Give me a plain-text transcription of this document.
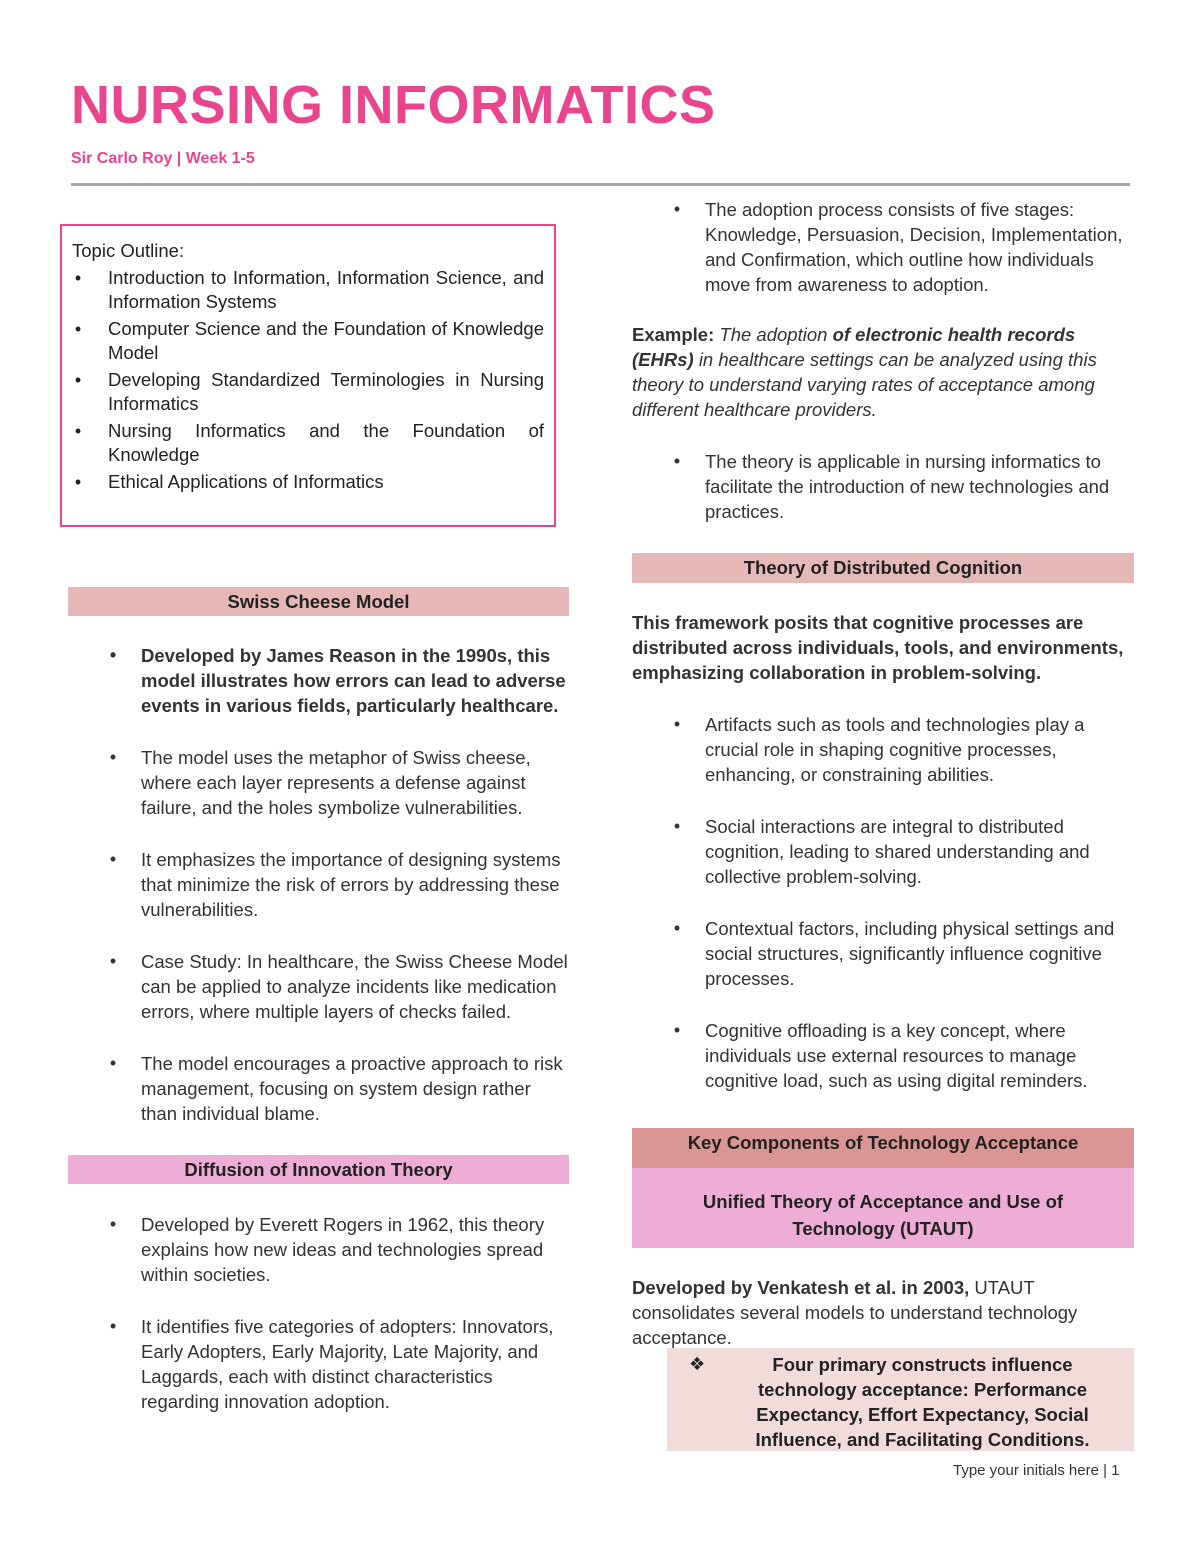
NURSING INFORMATICS
Sir Carlo Roy | Week 1-5
Topic Outline:
• Introduction to Information, Information Science, and Information Systems
• Computer Science and the Foundation of Knowledge Model
• Developing Standardized Terminologies in Nursing Informatics
• Nursing Informatics and the Foundation of Knowledge
• Ethical Applications of Informatics
Swiss Cheese Model
• Developed by James Reason in the 1990s, this model illustrates how errors can lead to adverse events in various fields, particularly healthcare.
• The model uses the metaphor of Swiss cheese, where each layer represents a defense against failure, and the holes symbolize vulnerabilities.
• It emphasizes the importance of designing systems that minimize the risk of errors by addressing these vulnerabilities.
• Case Study: In healthcare, the Swiss Cheese Model can be applied to analyze incidents like medication errors, where multiple layers of checks failed.
• The model encourages a proactive approach to risk management, focusing on system design rather than individual blame.
Diffusion of Innovation Theory
• Developed by Everett Rogers in 1962, this theory explains how new ideas and technologies spread within societies.
• It identifies five categories of adopters: Innovators, Early Adopters, Early Majority, Late Majority, and Laggards, each with distinct characteristics regarding innovation adoption.
• The adoption process consists of five stages: Knowledge, Persuasion, Decision, Implementation, and Confirmation, which outline how individuals move from awareness to adoption.
Example: The adoption of electronic health records (EHRs) in healthcare settings can be analyzed using this theory to understand varying rates of acceptance among different healthcare providers.
• The theory is applicable in nursing informatics to facilitate the introduction of new technologies and practices.
Theory of Distributed Cognition
This framework posits that cognitive processes are distributed across individuals, tools, and environments, emphasizing collaboration in problem-solving.
• Artifacts such as tools and technologies play a crucial role in shaping cognitive processes, enhancing, or constraining abilities.
• Social interactions are integral to distributed cognition, leading to shared understanding and collective problem-solving.
• Contextual factors, including physical settings and social structures, significantly influence cognitive processes.
• Cognitive offloading is a key concept, where individuals use external resources to manage cognitive load, such as using digital reminders.
Key Components of Technology Acceptance
Unified Theory of Acceptance and Use of Technology (UTAUT)
Developed by Venkatesh et al. in 2003, UTAUT consolidates several models to understand technology acceptance.
❖	Four primary constructs influence technology acceptance: Performance Expectancy, Effort Expectancy, Social Influence, and Facilitating Conditions.
Type your initials here | 1
